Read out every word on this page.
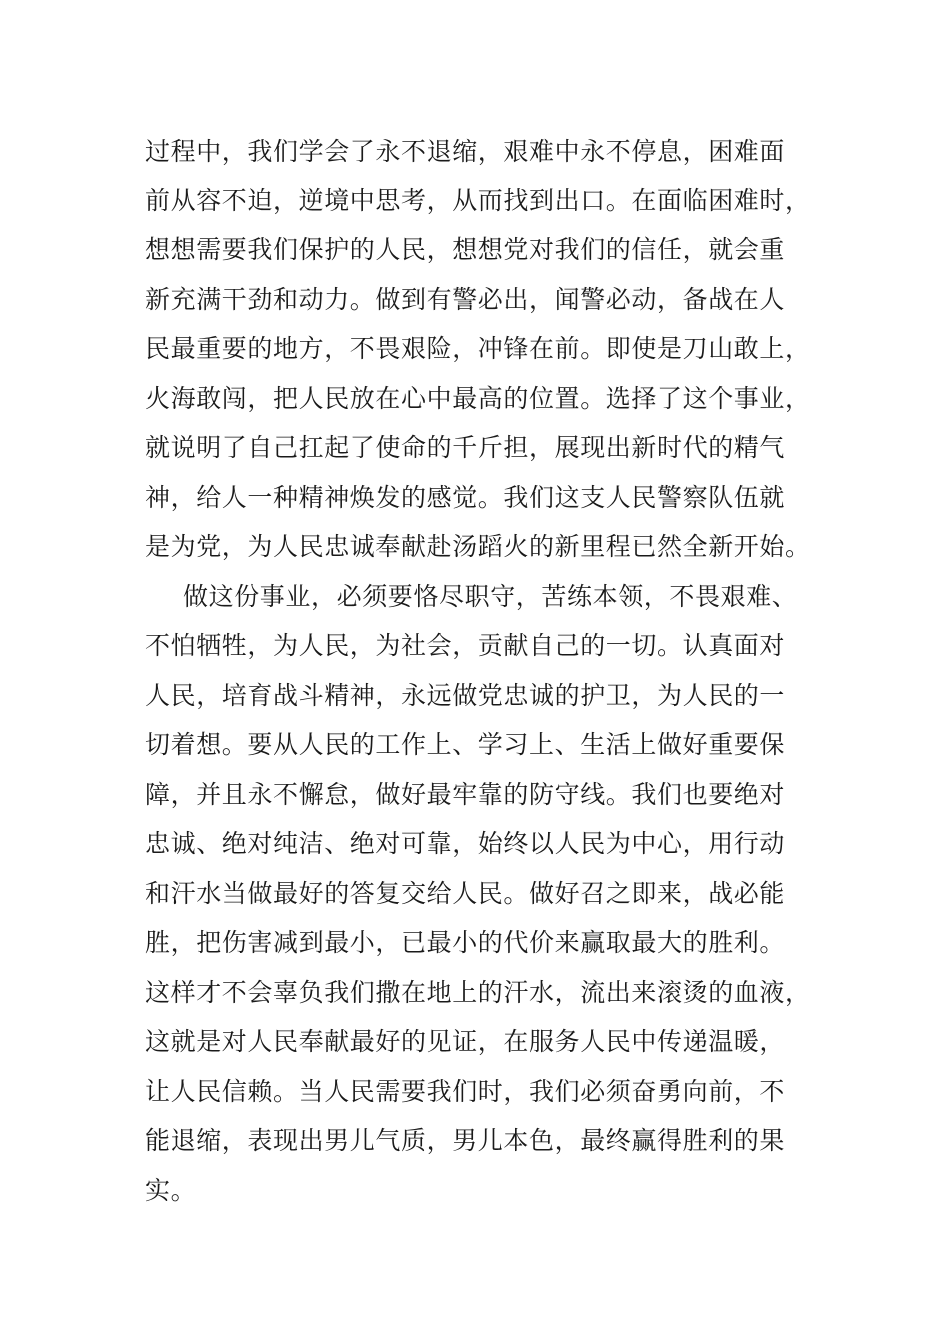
过程中，我们学会了永不退缩，艰难中永不停息，困难面
前从容不迫，逆境中思考，从而找到出口。在面临困难时，
想想需要我们保护的人民，想想党对我们的信任，就会重
新充满干劲和动力。做到有警必出，闻警必动，备战在人
民最重要的地方，不畏艰险，冲锋在前。即使是刀山敢上，
火海敢闯，把人民放在心中最高的位置。选择了这个事业，
就说明了自己扛起了使命的千斤担，展现出新时代的精气
神，给人一种精神焕发的感觉。我们这支人民警察队伍就
是为党，为人民忠诚奉献赴汤蹈火的新里程已然全新开始。
做这份事业，必须要恪尽职守，苦练本领，不畏艰难、
不怕牺牲，为人民，为社会，贡献自己的一切。认真面对
人民，培育战斗精神，永远做党忠诚的护卫，为人民的一
切着想。要从人民的工作上、学习上、生活上做好重要保
障，并且永不懈怠，做好最牢靠的防守线。我们也要绝对
忠诚、绝对纯洁、绝对可靠，始终以人民为中心，用行动
和汗水当做最好的答复交给人民。做好召之即来，战必能
胜，把伤害减到最小，已最小的代价来赢取最大的胜利。
这样才不会辜负我们撒在地上的汗水，流出来滚烫的血液，
这就是对人民奉献最好的见证，在服务人民中传递温暖，
让人民信赖。当人民需要我们时，我们必须奋勇向前，不
能退缩，表现出男儿气质，男儿本色，最终赢得胜利的果
实。
